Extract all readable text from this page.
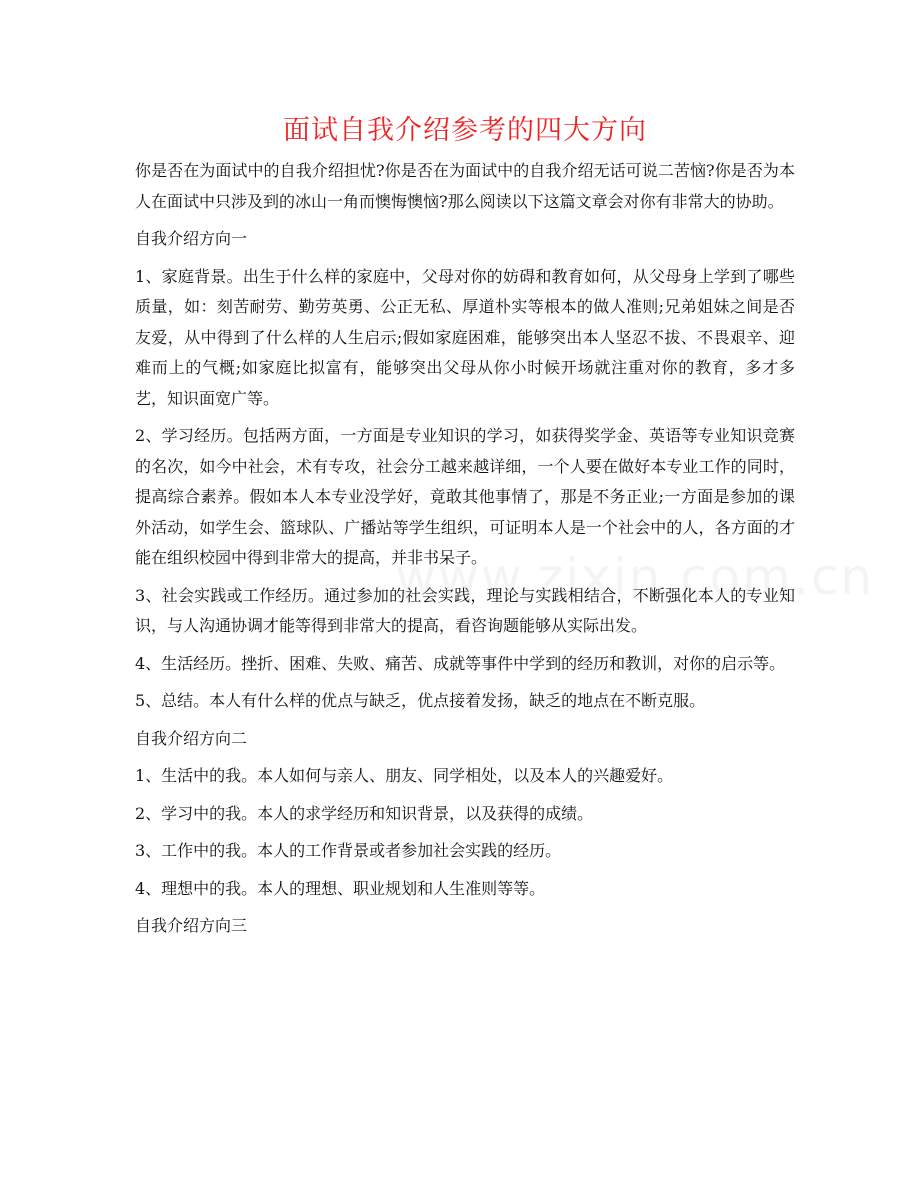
面试自我介绍参考的四大方向

你是否在为面试中的自我介绍担忧?你是否在为面试中的自我介绍无话可说二苦恼?你是否为本人在面试中只涉及到的冰山一角而懊悔懊恼?那么阅读以下这篇文章会对你有非常大的协助。

自我介绍方向一

1、家庭背景。出生于什么样的家庭中，父母对你的妨碍和教育如何，从父母身上学到了哪些质量，如：刻苦耐劳、勤劳英勇、公正无私、厚道朴实等根本的做人准则;兄弟姐妹之间是否友爱，从中得到了什么样的人生启示;假如家庭困难，能够突出本人坚忍不拔、不畏艰辛、迎难而上的气概;如家庭比拟富有，能够突出父母从你小时候开场就注重对你的教育，多才多艺，知识面宽广等。

2、学习经历。包括两方面，一方面是专业知识的学习，如获得奖学金、英语等专业知识竞赛的名次，如今中社会，术有专攻，社会分工越来越详细，一个人要在做好本专业工作的同时，提高综合素养。假如本人本专业没学好，竟敢其他事情了，那是不务正业;一方面是参加的课外活动，如学生会、篮球队、广播站等学生组织，可证明本人是一个社会中的人，各方面的才能在组织校园中得到非常大的提高，并非书呆子。

3、社会实践或工作经历。通过参加的社会实践，理论与实践相结合，不断强化本人的专业知识，与人沟通协调才能等得到非常大的提高，看咨询题能够从实际出发。

4、生活经历。挫折、困难、失败、痛苦、成就等事件中学到的经历和教训，对你的启示等。

5、总结。本人有什么样的优点与缺乏，优点接着发扬，缺乏的地点在不断克服。

自我介绍方向二

1、生活中的我。本人如何与亲人、朋友、同学相处，以及本人的兴趣爱好。

2、学习中的我。本人的求学经历和知识背景，以及获得的成绩。

3、工作中的我。本人的工作背景或者参加社会实践的经历。

4、理想中的我。本人的理想、职业规划和人生准则等等。

自我介绍方向三
